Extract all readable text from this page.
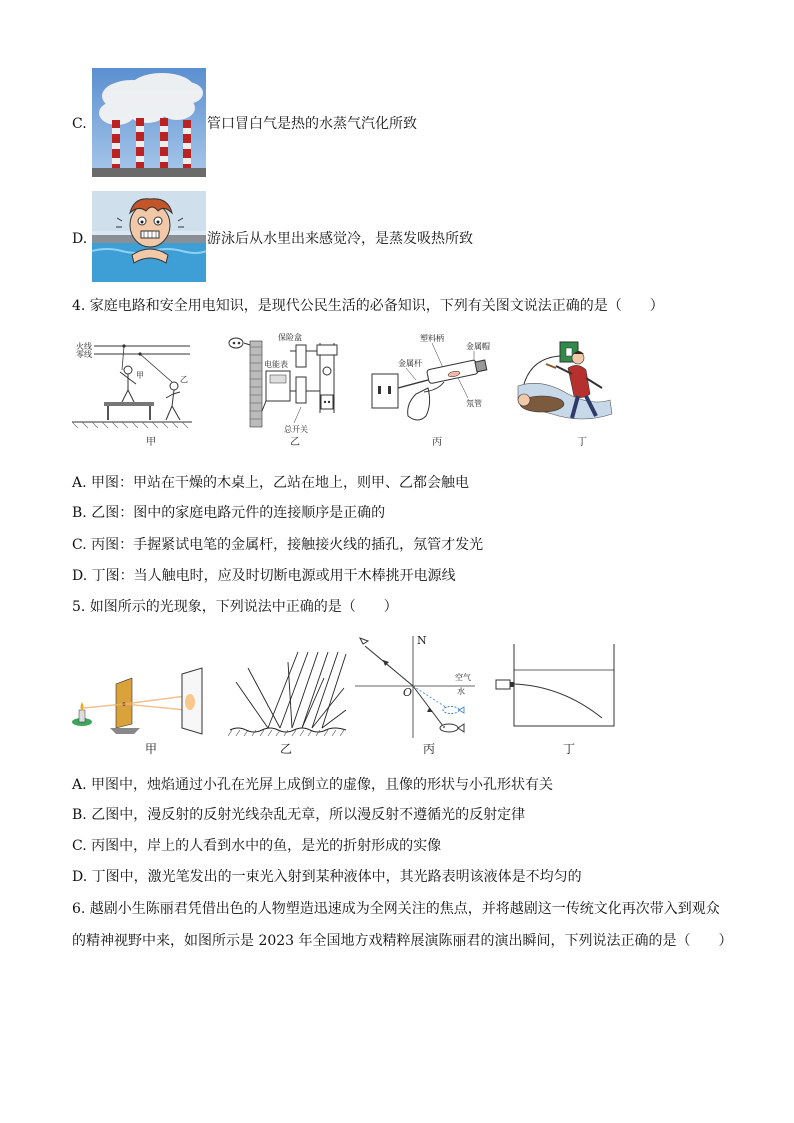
C.	管口冒白气是热的水蒸气汽化所致
D.	游泳后从水里出来感觉冷，是蒸发吸热所致
4. 家庭电路和安全用电知识，是现代公民生活的必备知识，下列有关图文说法正确的是（　　）
火线
零线
甲	乙
甲
保险盒
电能表
总开关
乙
塑料柄
金属帽
金属杆
氖管
丙	丁
A. 甲图：甲站在干燥的木桌上，乙站在地上，则甲、乙都会触电
B. 乙图：图中的家庭电路元件的连接顺序是正确的
C. 丙图：手握紧试电笔的金属杆，接触接火线的插孔，氖管才发光
D. 丁图：当人触电时，应及时切断电源或用干木棒挑开电源线
5. 如图所示的光现象，下列说法中正确的是（　　）
甲	乙
N
空气
水
O
丙	丁
A. 甲图中，烛焰通过小孔在光屏上成倒立的虚像，且像的形状与小孔形状有关
B. 乙图中，漫反射的反射光线杂乱无章，所以漫反射不遵循光的反射定律
C. 丙图中，岸上的人看到水中的鱼，是光的折射形成的实像
D. 丁图中，激光笔发出的一束光入射到某种液体中，其光路表明该液体是不均匀的
6. 越剧小生陈丽君凭借出色的人物塑造迅速成为全网关注的焦点，并将越剧这一传统文化再次带入到观众
的精神视野中来，如图所示是 2023 年全国地方戏精粹展演陈丽君的演出瞬间，下列说法正确的是（　　）
